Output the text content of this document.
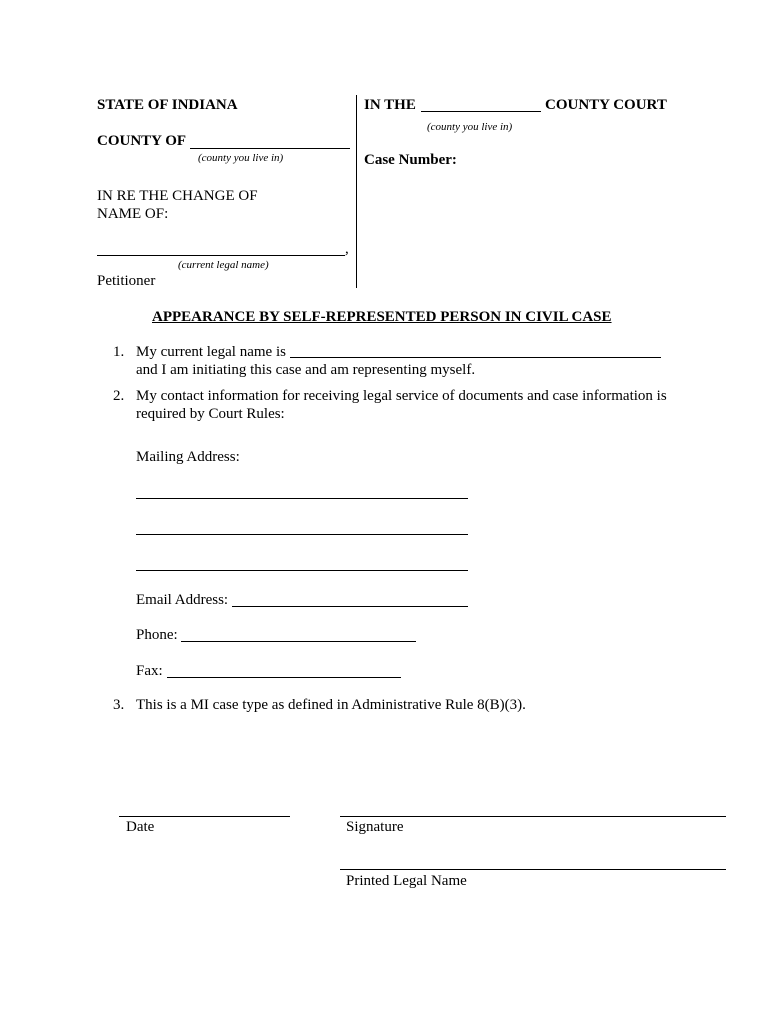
STATE OF INDIANA
COUNTY OF
(county you live in)
IN RE THE CHANGE OF
NAME OF:
,
(current legal name)
Petitioner
IN THE	COUNTY COURT
(county you live in)
Case Number:
APPEARANCE BY SELF-REPRESENTED PERSON IN CIVIL CASE
1. My current legal name is
and I am initiating this case and am representing myself.
2. My contact information for receiving legal service of documents and case information is
required by Court Rules:
Mailing Address:
Email Address:
Phone:
Fax:
3. This is a MI case type as defined in Administrative Rule 8(B)(3).
Date	Signature
Printed Legal Name
